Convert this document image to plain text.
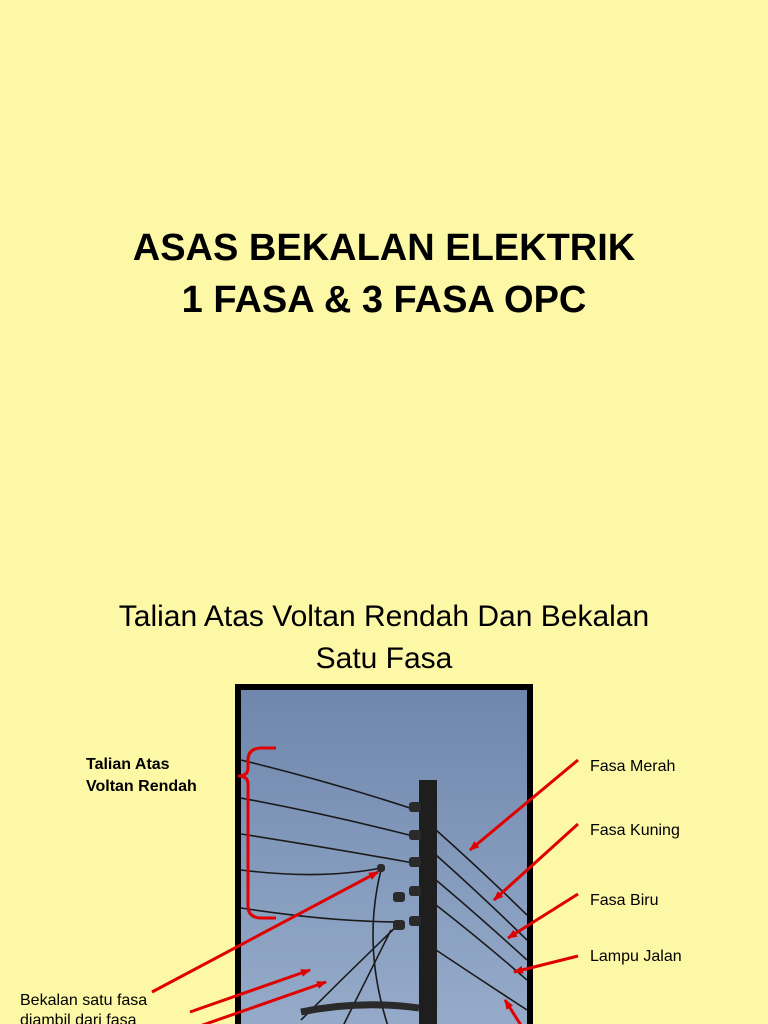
ASAS BEKALAN ELEKTRIK
1 FASA & 3 FASA OPC
Talian Atas Voltan Rendah Dan Bekalan
Satu Fasa
Talian Atas
Voltan Rendah
Fasa Merah
Fasa Kuning
Fasa Biru
Lampu Jalan
Bekalan satu fasa
diambil dari fasa
